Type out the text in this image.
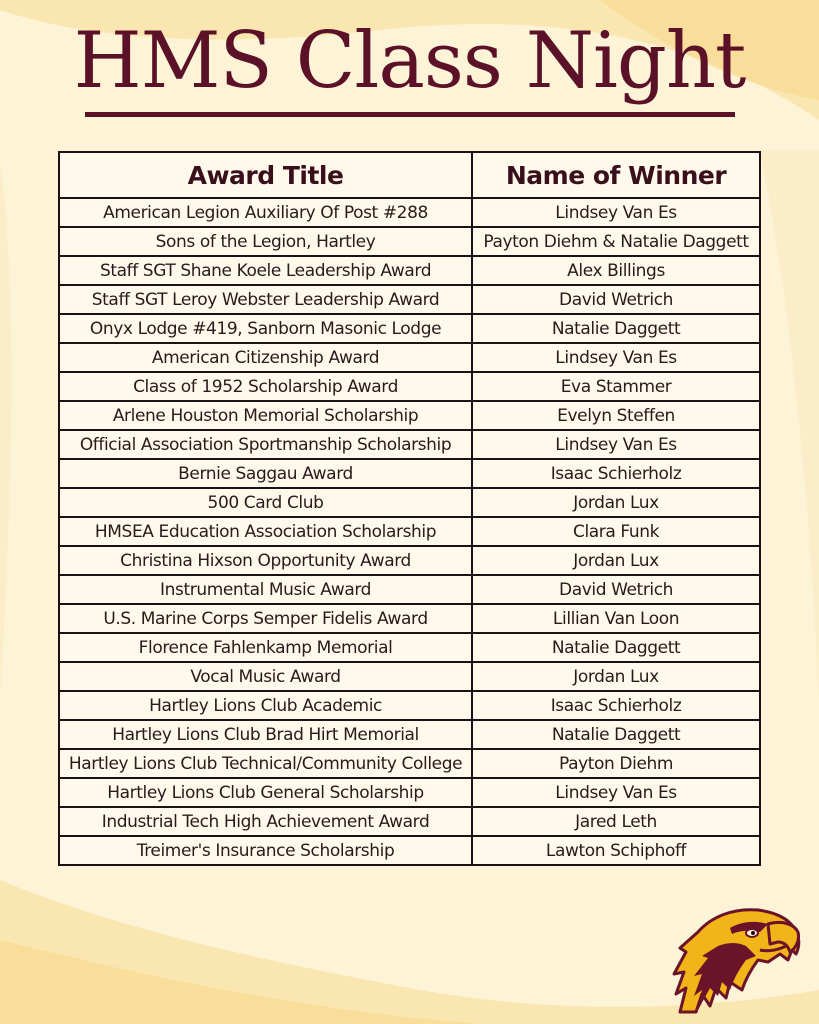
HMS Class Night
Award Title	Name of Winner
American Legion Auxiliary Of Post #288	Lindsey Van Es
Sons of the Legion, Hartley	Payton Diehm & Natalie Daggett
Staff SGT Shane Koele Leadership Award	Alex Billings
Staff SGT Leroy Webster Leadership Award	David Wetrich
Onyx Lodge #419, Sanborn Masonic Lodge	Natalie Daggett
American Citizenship Award	Lindsey Van Es
Class of 1952 Scholarship Award	Eva Stammer
Arlene Houston Memorial Scholarship	Evelyn Steffen
Official Association Sportmanship Scholarship	Lindsey Van Es
Bernie Saggau Award	Isaac Schierholz
500 Card Club	Jordan Lux
HMSEA Education Association Scholarship	Clara Funk
Christina Hixson Opportunity Award	Jordan Lux
Instrumental Music Award	David Wetrich
U.S. Marine Corps Semper Fidelis Award	Lillian Van Loon
Florence Fahlenkamp Memorial	Natalie Daggett
Vocal Music Award	Jordan Lux
Hartley Lions Club Academic	Isaac Schierholz
Hartley Lions Club Brad Hirt Memorial	Natalie Daggett
Hartley Lions Club Technical/Community College	Payton Diehm
Hartley Lions Club General Scholarship	Lindsey Van Es
Industrial Tech High Achievement Award	Jared Leth
Treimer's Insurance Scholarship	Lawton Schiphoff
